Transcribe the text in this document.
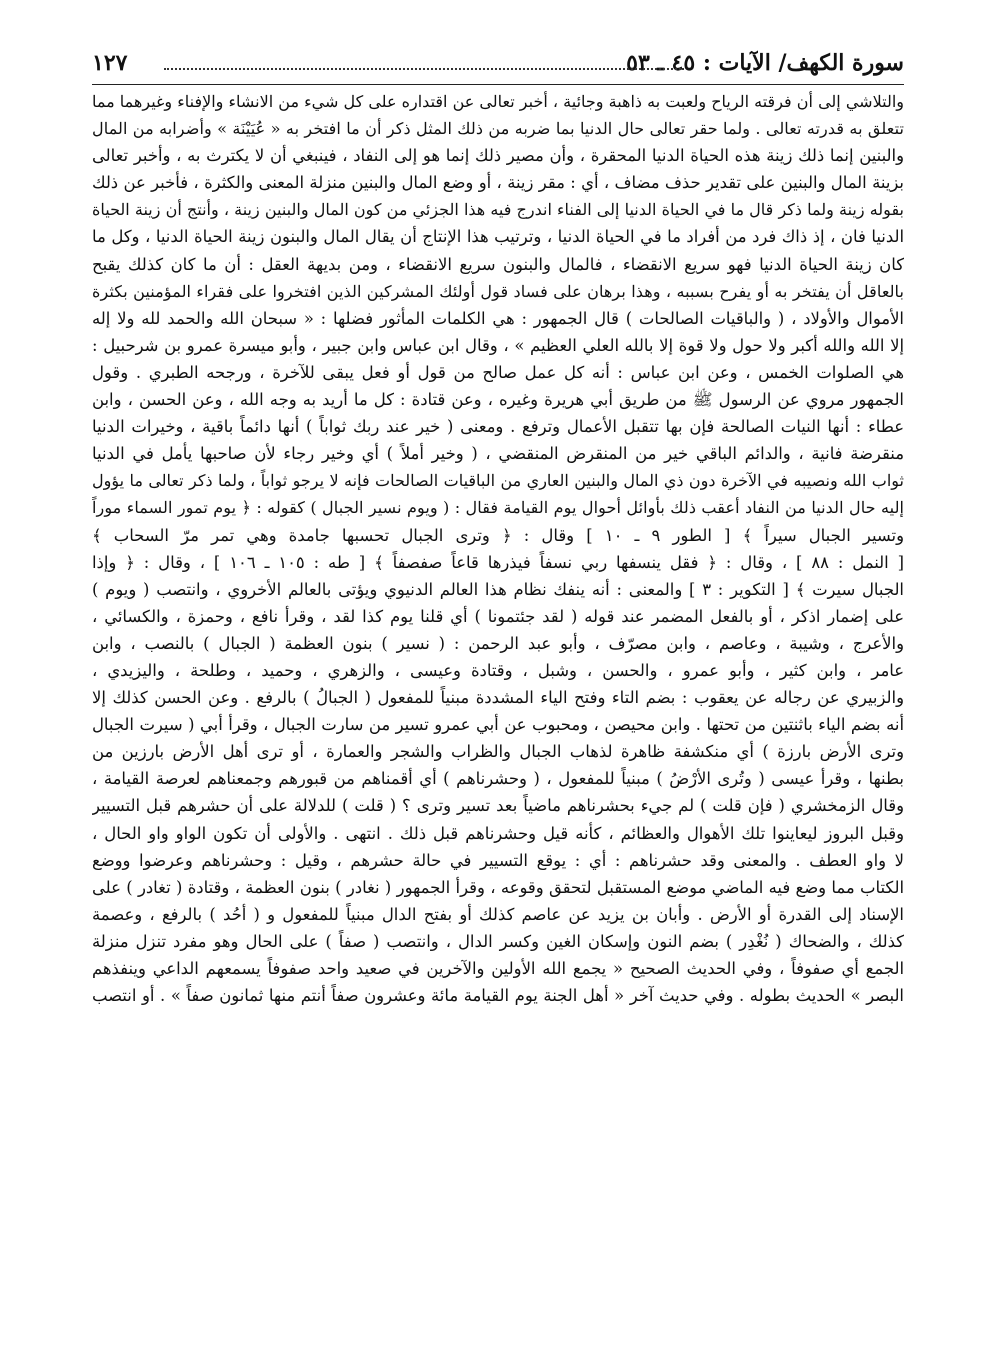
سورة الكهف/ الآيات : ٤٥ ـ ٥٣
١٢٧
والتلاشي إلى أن فرقته الرياح ولعبت به ذاهبة وجائية ، أخبر تعالى عن اقتداره على كل شيء من الانشاء والإفناء وغيرهما مما
تتعلق به قدرته تعالى . ولما حقر تعالى حال الدنيا بما ضربه من ذلك المثل ذكر أن ما افتخر به « عُيَيْنَة » وأضرابه من المال
والبنين إنما ذلك زينة هذه الحياة الدنيا المحقرة ، وأن مصير ذلك إنما هو إلى النفاد ، فينبغي أن لا يكترث به ، وأخبر تعالى
بزينة المال والبنين على تقدير حذف مضاف ، أي : مقر زينة ، أو وضع المال والبنين منزلة المعنى والكثرة ، فأخبر عن ذلك
بقوله زينة ولما ذكر قال ما في الحياة الدنيا إلى الفناء اندرج فيه هذا الجزئي من كون المال والبنين زينة ، وأنتج أن زينة الحياة
الدنيا فان ، إذ ذاك فرد من أفراد ما في الحياة الدنيا ، وترتيب هذا الإنتاج أن يقال المال والبنون زينة الحياة الدنيا ، وكل ما
كان زينة الحياة الدنيا فهو سريع الانقضاء ، فالمال والبنون سريع الانقضاء ، ومن بديهة العقل : أن ما كان كذلك يقبح
بالعاقل أن يفتخر به أو يفرح بسببه ، وهذا برهان على فساد قول أولئك المشركين الذين افتخروا على فقراء المؤمنين بكثرة
الأموال والأولاد ، ( والباقيات الصالحات ) قال الجمهور : هي الكلمات المأثور فضلها : « سبحان الله والحمد لله ولا إله
إلا الله والله أكبر ولا حول ولا قوة إلا بالله العلي العظيم » ، وقال ابن عباس وابن جبير ، وأبو ميسرة عمرو بن شرحبيل :
هي الصلوات الخمس ، وعن ابن عباس : أنه كل عمل صالح من قول أو فعل يبقى للآخرة ، ورجحه الطبري . وقول
الجمهور مروي عن الرسول ﷺ من طريق أبي هريرة وغيره ، وعن قتادة : كل ما أريد به وجه الله ، وعن الحسن ، وابن
عطاء : أنها النيات الصالحة فإن بها تتقبل الأعمال وترفع . ومعنى ( خير عند ربك ثواباً ) أنها دائماً باقية ، وخيرات الدنيا
منقرضة فانية ، والدائم الباقي خير من المنقرض المنقضي ، ( وخير أملاً ) أي وخير رجاء لأن صاحبها يأمل في الدنيا
ثواب الله ونصيبه في الآخرة دون ذي المال والبنين العاري من الباقيات الصالحات فإنه لا يرجو ثواباً ، ولما ذكر تعالى ما يؤول
إليه حال الدنيا من النفاد أعقب ذلك بأوائل أحوال يوم القيامة فقال : ( ويوم نسير الجبال ) كقوله : ﴿ يوم تمور السماء موراً
وتسير الجبال سيراً ﴾ [ الطور ٩ ـ ١٠ ] وقال : ﴿ وترى الجبال تحسبها جامدة وهي تمر مرّ السحاب ﴾
[ النمل : ٨٨ ] ، وقال : ﴿ فقل ينسفها ربي نسفاً فيذرها قاعاً صفصفاً ﴾ [ طه : ١٠٥ ـ ١٠٦ ] ، وقال : ﴿ وإذا
الجبال سيرت ﴾ [ التكوير : ٣ ] والمعنى : أنه ينفك نظام هذا العالم الدنيوي ويؤتى بالعالم الأخروي ، وانتصب ( ويوم )
على إضمار اذكر ، أو بالفعل المضمر عند قوله ( لقد جئتمونا ) أي قلنا يوم كذا لقد ، وقرأ نافع ، وحمزة ، والكسائي ،
والأعرج ، وشيبة ، وعاصم ، وابن مصرّف ، وأبو عبد الرحمن : ( نسير ) بنون العظمة ( الجبال ) بالنصب ، وابن
عامر ، وابن كثير ، وأبو عمرو ، والحسن ، وشبل ، وقتادة وعيسى ، والزهري ، وحميد ، وطلحة ، واليزيدي ،
والزبيري عن رجاله عن يعقوب : بضم التاء وفتح الياء المشددة مبنياً للمفعول ( الجبالُ ) بالرفع . وعن الحسن كذلك إلا
أنه بضم الياء باثنتين من تحتها . وابن محيصن ، ومحبوب عن أبي عمرو تسير من سارت الجبال ، وقرأ أبي ( سيرت الجبال
وترى الأرض بارزة ) أي منكشفة ظاهرة لذهاب الجبال والظراب والشجر والعمارة ، أو ترى أهل الأرض بارزين من
بطنها ، وقرأ عيسى ( وتُرى الأرْضُ ) مبنياً للمفعول ، ( وحشرناهم ) أي أقمناهم من قبورهم وجمعناهم لعرصة القيامة ،
وقال الزمخشري ( فإن قلت ) لم جيء بحشرناهم ماضياً بعد تسير وترى ؟ ( قلت ) للدلالة على أن حشرهم قبل التسيير
وقبل البروز ليعاينوا تلك الأهوال والعظائم ، كأنه قيل وحشرناهم قبل ذلك . انتهى . والأولى أن تكون الواو واو الحال ،
لا واو العطف . والمعنى وقد حشرناهم : أي : يوقع التسيير في حالة حشرهم ، وقيل : وحشرناهم وعرضوا ووضع
الكتاب مما وضع فيه الماضي موضع المستقبل لتحقق وقوعه ، وقرأ الجمهور ( نغادر ) بنون العظمة ، وقتادة ( تغادر ) على
الإسناد إلى القدرة أو الأرض . وأبان بن يزيد عن عاصم كذلك أو بفتح الدال مبنياً للمفعول و ( أحُد ) بالرفع ، وعصمة
كذلك ، والضحاك ( نُغْدِر ) بضم النون وإسكان الغين وكسر الدال ، وانتصب ( صفاً ) على الحال وهو مفرد تنزل منزلة
الجمع أي صفوفاً ، وفي الحديث الصحيح « يجمع الله الأولين والآخرين في صعيد واحد صفوفاً يسمعهم الداعي وينفذهم
البصر » الحديث بطوله . وفي حديث آخر « أهل الجنة يوم القيامة مائة وعشرون صفاً أنتم منها ثمانون صفاً » . أو انتصب
